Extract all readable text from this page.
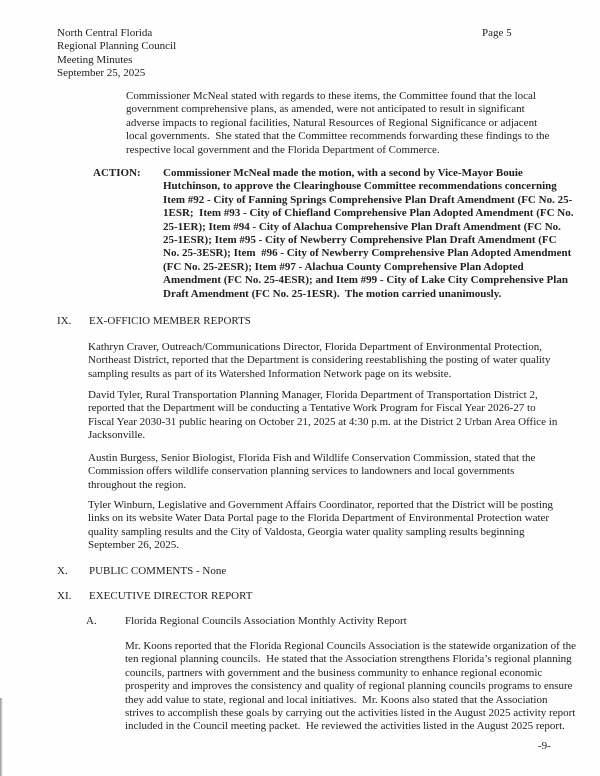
North Central Florida
Regional Planning Council
Meeting Minutes
September 25, 2025
Page 5

Commissioner McNeal stated with regards to these items, the Committee found that the local government comprehensive plans, as amended, were not anticipated to result in significant adverse impacts to regional facilities, Natural Resources of Regional Significance or adjacent local governments.  She stated that the Committee recommends forwarding these findings to the respective local government and the Florida Department of Commerce.

ACTION: Commissioner McNeal made the motion, with a second by Vice-Mayor Bouie Hutchinson, to approve the Clearinghouse Committee recommendations concerning Item #92 - City of Fanning Springs Comprehensive Plan Draft Amendment (FC No. 25-1ESR;  Item #93 - City of Chiefland Comprehensive Plan Adopted Amendment (FC No. 25-1ER); Item #94 - City of Alachua Comprehensive Plan Draft Amendment (FC No. 25-1ESR); Item #95 - City of Newberry Comprehensive Plan Draft Amendment (FC No. 25-3ESR); Item  #96 - City of Newberry Comprehensive Plan Adopted Amendment (FC No. 25-2ESR); Item #97 - Alachua County Comprehensive Plan Adopted Amendment (FC No. 25-4ESR); and Item #99 - City of Lake City Comprehensive Plan Draft Amendment (FC No. 25-1ESR).  The motion carried unanimously.

IX. EX-OFFICIO MEMBER REPORTS

Kathryn Craver, Outreach/Communications Director, Florida Department of Environmental Protection, Northeast District, reported that the Department is considering reestablishing the posting of water quality sampling results as part of its Watershed Information Network page on its website.

David Tyler, Rural Transportation Planning Manager, Florida Department of Transportation District 2, reported that the Department will be conducting a Tentative Work Program for Fiscal Year 2026-27 to Fiscal Year 2030-31 public hearing on October 21, 2025 at 4:30 p.m. at the District 2 Urban Area Office in Jacksonville.

Austin Burgess, Senior Biologist, Florida Fish and Wildlife Conservation Commission, stated that the Commission offers wildlife conservation planning services to landowners and local governments throughout the region.

Tyler Winburn, Legislative and Government Affairs Coordinator, reported that the District will be posting links on its website Water Data Portal page to the Florida Department of Environmental Protection water quality sampling results and the City of Valdosta, Georgia water quality sampling results beginning September 26, 2025.

X. PUBLIC COMMENTS - None
XI. EXECUTIVE DIRECTOR REPORT
A.	Florida Regional Councils Association Monthly Activity Report

Mr. Koons reported that the Florida Regional Councils Association is the statewide organization of the ten regional planning councils.  He stated that the Association strengthens Florida’s regional planning councils, partners with government and the business community to enhance regional economic prosperity and improves the consistency and quality of regional planning councils programs to ensure they add value to state, regional and local initiatives.  Mr. Koons also stated that the Association strives to accomplish these goals by carrying out the activities listed in the August 2025 activity report included in the Council meeting packet.  He reviewed the activities listed in the August 2025 report.

-9-
